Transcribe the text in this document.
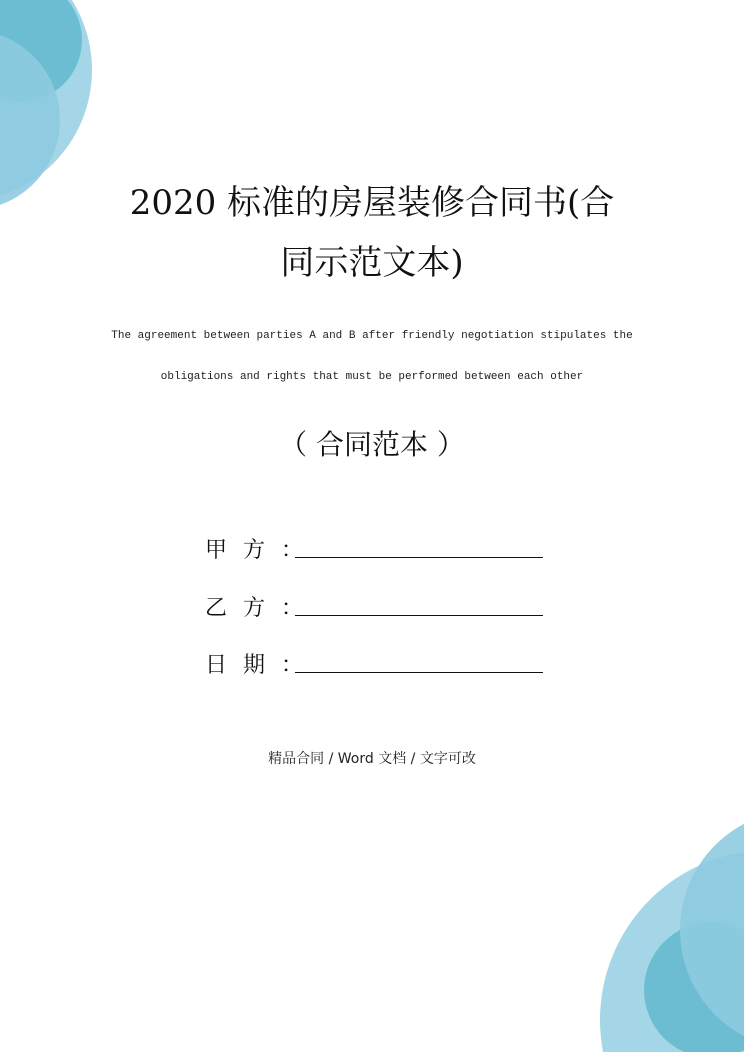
2020 标准的房屋装修合同书(合
同示范文本)
The agreement between parties A and B after friendly negotiation stipulates the
obligations and rights that must be performed between each other
（ 合同范本 ）
甲 方 ：
乙 方 ：
日 期 ：
精品合同 / Word 文档 / 文字可改
